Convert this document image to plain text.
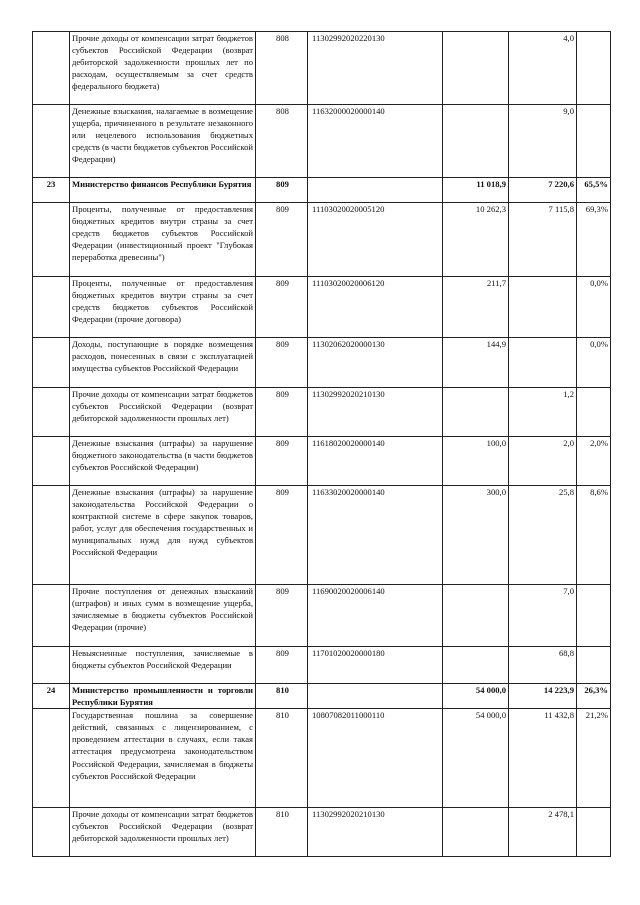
	Прочие доходы от компенсации затрат бюджетов субъектов Российской Федерации (возврат дебиторской задолженности прошлых лет по расходам, осуществляемым за счет средств федерального бюджета)	808	11302992020220130		4,0	
	Денежные взыскания, налагаемые в возмещение ущерба, причиненного в результате незаконного или нецелевого использования бюджетных средств (в части бюджетов субъектов Российской Федерации)	808	11632000020000140		9,0	
23	Министерство финансов Республики Бурятия	809		11 018,9	7 220,6	65,5%
	Проценты, полученные от предоставления бюджетных кредитов внутри страны за счет средств бюджетов субъектов Российской Федерации (инвестиционный проект "Глубокая переработка древесины")	809	11103020020005120	10 262,3	7 115,8	69,3%
	Проценты, полученные от предоставления бюджетных кредитов внутри страны за счет средств бюджетов субъектов Российской Федерации (прочие договора)	809	11103020020006120	211,7		0,0%
	Доходы, поступающие в порядке возмещения расходов, понесенных в связи с эксплуатацией имущества субъектов Российской Федерации	809	11302062020000130	144,9		0,0%
	Прочие доходы от компенсации затрат бюджетов субъектов Российской Федерации (возврат дебиторской задолженности прошлых лет)	809	11302992020210130		1,2	
	Денежные взыскания (штрафы) за нарушение бюджетного законодательства (в части бюджетов субъектов Российской Федерации)	809	11618020020000140	100,0	2,0	2,0%
	Денежные взыскания (штрафы) за нарушение законодательства Российской Федерации о контрактной системе в сфере закупок товаров, работ, услуг для обеспечения государственных и муниципальных нужд для нужд субъектов Российской Федерации	809	11633020020000140	300,0	25,8	8,6%
	Прочие поступления от денежных взысканий (штрафов) и иных сумм в возмещение ущерба, зачисляемые в бюджеты субъектов Российской Федерации (прочие)	809	11690020020006140		7,0	
	Невыясненные поступления, зачисляемые в бюджеты субъектов Российской Федерации	809	11701020020000180		68,8	
24	Министерство промышленности и торговли Республики Бурятия	810		54 000,0	14 223,9	26,3%
	Государственная пошлина за совершение действий, связанных с лицензированием, с проведением аттестации в случаях, если такая аттестация предусмотрена законодательством Российской Федерации, зачисляемая в бюджеты субъектов Российской Федерации	810	10807082011000110	54 000,0	11 432,8	21,2%
	Прочие доходы от компенсации затрат бюджетов субъектов Российской Федерации (возврат дебиторской задолженности прошлых лет)	810	11302992020210130		2 478,1	
